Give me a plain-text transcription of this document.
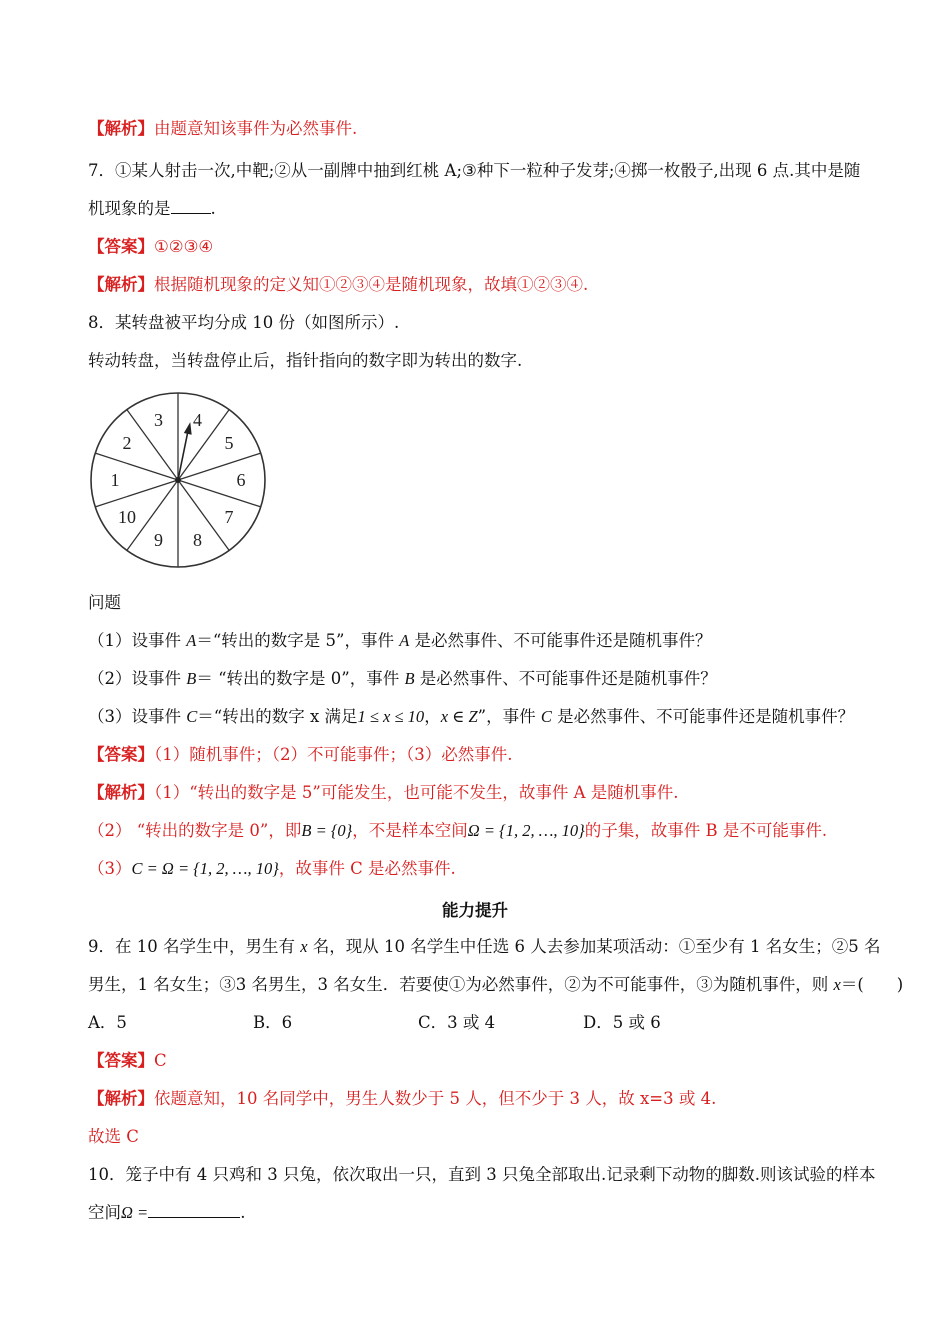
【解析】由题意知该事件为必然事件.
7．①某人射击一次,中靶;②从一副牌中抽到红桃 A;③种下一粒种子发芽;④掷一枚骰子,出现 6 点.其中是随
机现象的是 .
【答案】①②③④
【解析】根据随机现象的定义知①②③④是随机现象，故填①②③④.
8．某转盘被平均分成 10 份（如图所示）.
转动转盘，当转盘停止后，指针指向的数字即为转出的数字.
4
5
6
7
8
9
10
1
2
3
问题
（1）设事件 A＝“转出的数字是 5”，事件 A 是必然事件、不可能事件还是随机事件？
（2）设事件 B＝ “转出的数字是 0”，事件 B 是必然事件、不可能事件还是随机事件？
（3）设事件 C＝“转出的数字 x 满足1 ≤ x ≤ 10，x ∈ Z”，事件 C 是必然事件、不可能事件还是随机事件？
【答案】（1）随机事件；（2）不可能事件；（3）必然事件.
【解析】（1）“转出的数字是 5”可能发生，也可能不发生，故事件 A 是随机事件.
（2） “转出的数字是 0”，即B = {0}，不是样本空间Ω = {1, 2, …, 10}的子集，故事件 B 是不可能事件.
（3）C = Ω = {1, 2, …, 10}，故事件 C 是必然事件.
能力提升
9．在 10 名学生中，男生有 x 名，现从 10 名学生中任选 6 人去参加某项活动：①至少有 1 名女生；②5 名
男生，1 名女生；③3 名男生，3 名女生．若要使①为必然事件，②为不可能事件，③为随机事件，则 x＝(　　)
A．5	B．6	C．3 或 4	D．5 或 6
【答案】C
【解析】依题意知，10 名同学中，男生人数少于 5 人，但不少于 3 人，故 x=3 或 4.
故选 C
10．笼子中有 4 只鸡和 3 只兔，依次取出一只，直到 3 只兔全部取出.记录剩下动物的脚数.则该试验的样本
空间Ω =	.
